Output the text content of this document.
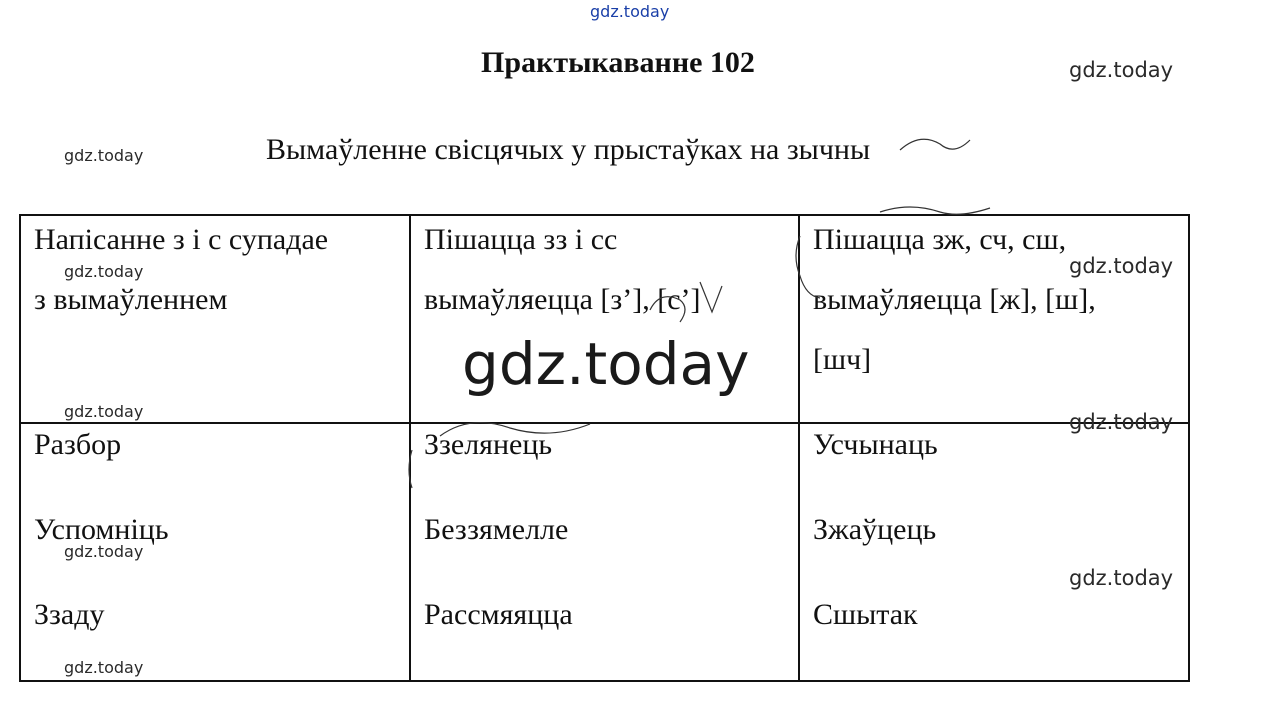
gdz.today
gdz.today
gdz.today
Практыкаванне 102
Вымаўленне свісцячых у прыстаўках на зычны
Напісанне з і с супадае
з вымаўленнем
Пішацца зз і сс
вымаўляецца [з’], [с’]
Пішацца зж, сч, сш,
вымаўляецца [ж], [ш],
[шч]
Разбор
Успомніць
Ззаду
Ззелянець
Беззямелле
Рассмяяцца
Усчынаць
Зжаўцець
Сшытак
gdz.today	gdz.today
gdz.today
gdz.today	gdz.today
gdz.today
gdz.today
gdz.today
